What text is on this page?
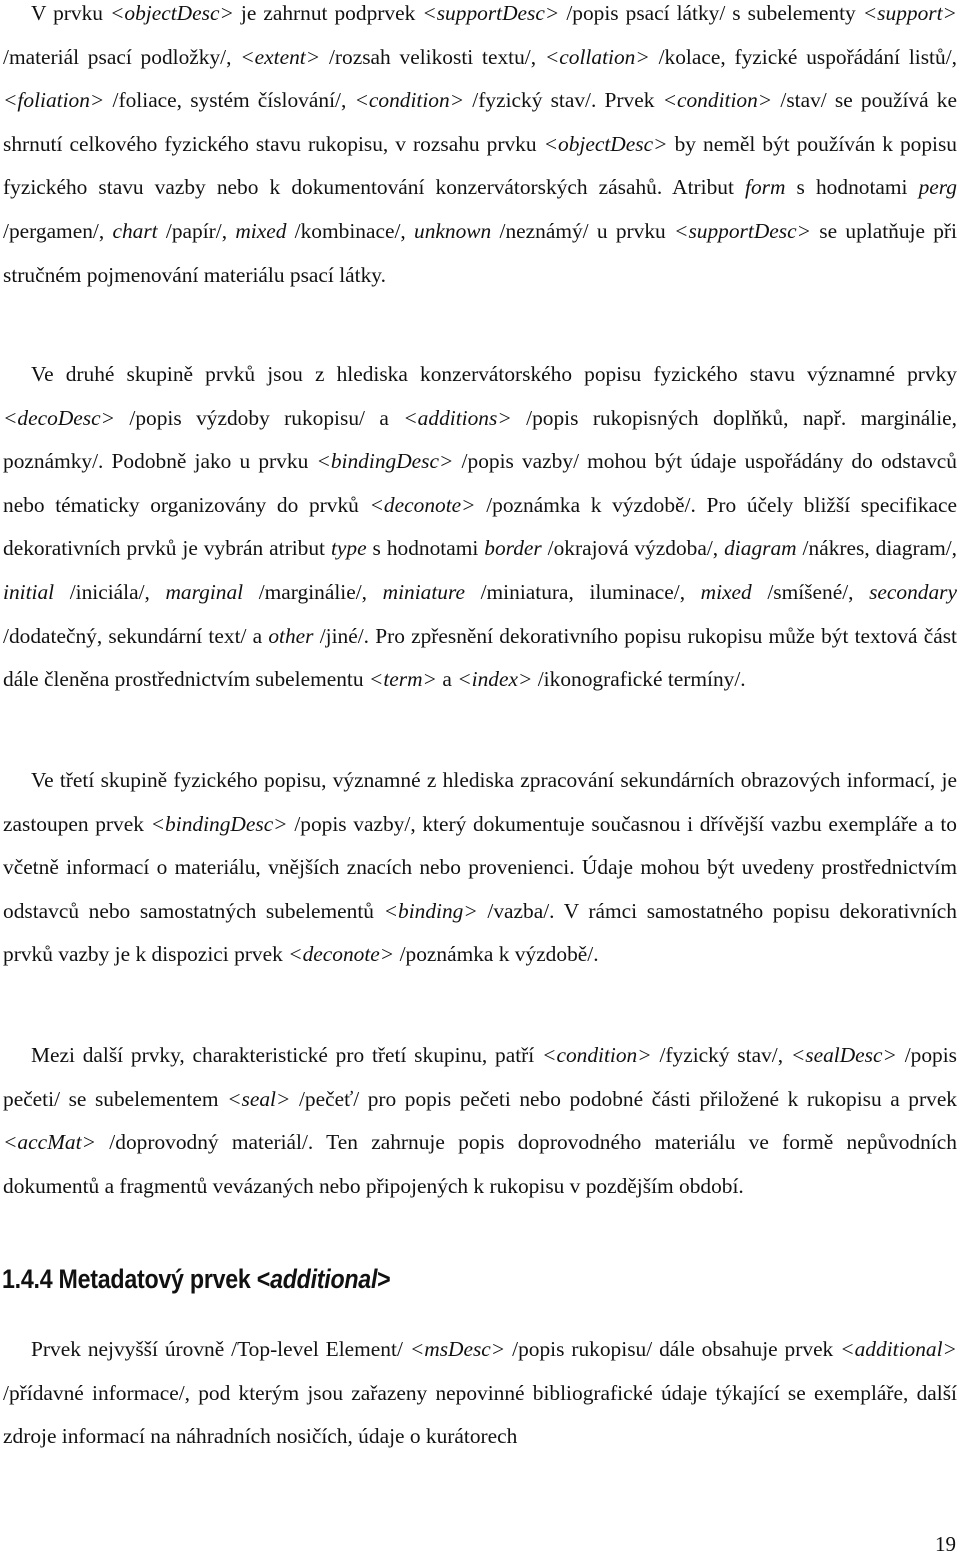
V prvku <objectDesc> je zahrnut podprvek <supportDesc> /popis psací látky/ s subelementy <support> /materiál psací podložky/, <extent> /rozsah velikosti textu/, <collation> /kolace, fyzické uspořádání listů/, <foliation> /foliace, systém číslování/, <condition> /fyzický stav/. Prvek <condition> /stav/ se používá ke shrnutí celkového fyzického stavu rukopisu, v rozsahu prvku <objectDesc> by neměl být používán k popisu fyzického stavu vazby nebo k dokumentování konzervátorských zásahů. Atribut form s hodnotami perg /pergamen/, chart /papír/, mixed /kombinace/, unknown /neznámý/ u prvku <supportDesc> se uplatňuje při stručném pojmenování materiálu psací látky.

Ve druhé skupině prvků jsou z hlediska konzervátorského popisu fyzického stavu významné prvky <decoDesc> /popis výzdoby rukopisu/ a <additions> /popis rukopisných doplňků, např. marginálie, poznámky/. Podobně jako u prvku <bindingDesc> /popis vazby/ mohou být údaje uspořádány do odstavců nebo tématicky organizovány do prvků <deconote> /poznámka k výzdobě/. Pro účely bližší specifikace dekorativních prvků je vybrán atribut type s hodnotami border /okrajová výzdoba/, diagram /nákres, diagram/, initial /iniciála/, marginal /marginálie/, miniature /miniatura, iluminace/, mixed /smíšené/, secondary /dodatečný, sekundární text/ a other /jiné/. Pro zpřesnění dekorativního popisu rukopisu může být textová část dále členěna prostřednictvím subelementu <term> a <index> /ikonografické termíny/.

Ve třetí skupině fyzického popisu, významné z hlediska zpracování sekundárních obrazových informací, je zastoupen prvek <bindingDesc> /popis vazby/, který dokumentuje současnou i dřívější vazbu exempláře a to včetně informací o materiálu, vnějších znacích nebo provenienci. Údaje mohou být uvedeny prostřednictvím odstavců nebo samostatných subelementů <binding> /vazba/. V rámci samostatného popisu dekorativních prvků vazby je k dispozici prvek <deconote> /poznámka k výzdobě/.

Mezi další prvky, charakteristické pro třetí skupinu, patří <condition> /fyzický stav/, <sealDesc> /popis pečeti/ se subelementem <seal> /pečeť/ pro popis pečeti nebo podobné části přiložené k rukopisu a prvek <accMat> /doprovodný materiál/. Ten zahrnuje popis doprovodného materiálu ve formě nepůvodních dokumentů a fragmentů vevázaných nebo připojených k rukopisu v pozdějším období.

1.4.4 Metadatový prvek <additional>

Prvek nejvyšší úrovně /Top-level Element/ <msDesc> /popis rukopisu/ dále obsahuje prvek <additional> /přídavné informace/, pod kterým jsou zařazeny nepovinné bibliografické údaje týkající se exempláře, další zdroje informací na náhradních nosičích, údaje o kurátorech

19
